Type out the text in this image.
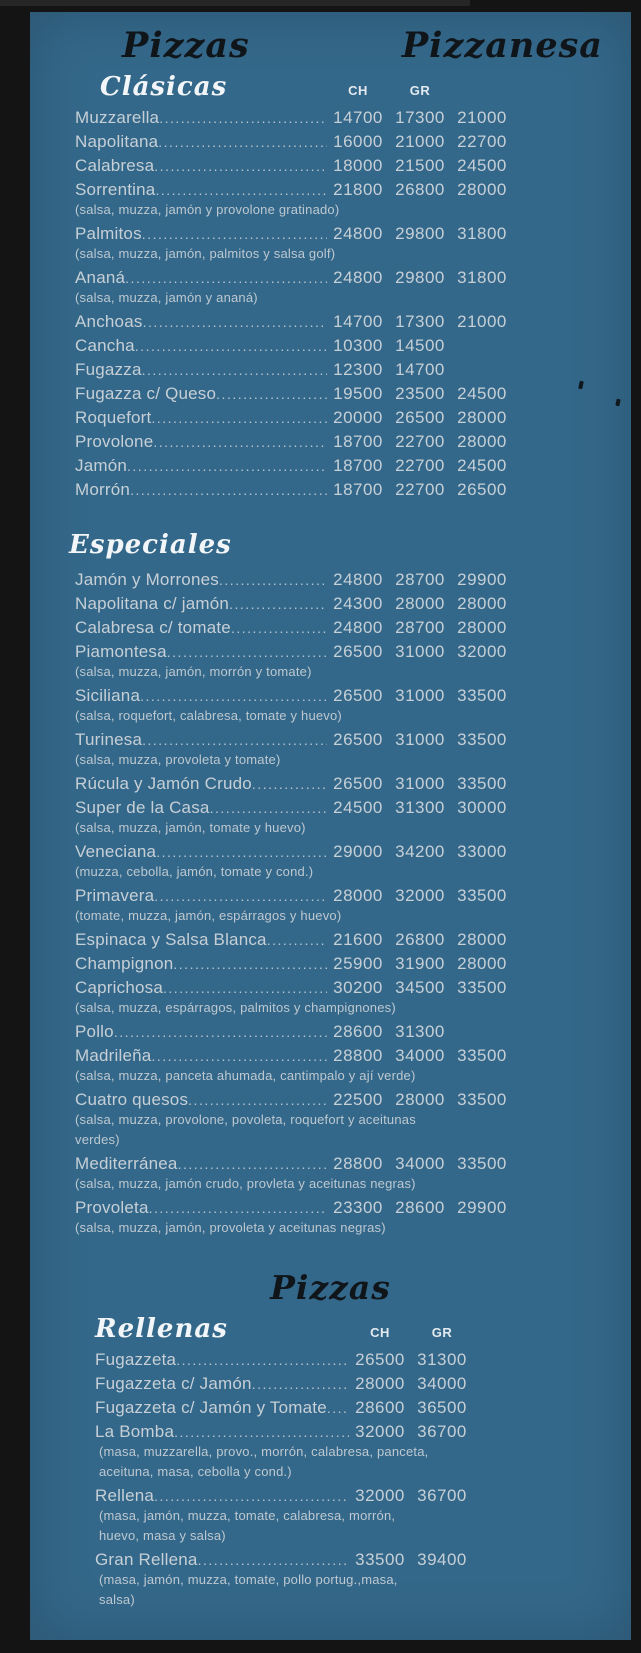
Pizzas	Pizzanesa
Clásicas	CH	GR
Muzzarella .....	14700 17300 21000
Napolitana .....	16000 21000 22700
Calabresa .....	18000 21500 24500
Sorrentina .....	21800 26800 28000
(salsa, muzza, jamón y provolone gratinado)
Palmitos .....	24800 29800 31800
(salsa, muzza, jamón, palmitos y salsa golf)
Ananá .....	24800 29800 31800
(salsa, muzza, jamón y ananá)
Anchoas .....	14700 17300 21000
Cancha .....	10300 14500
Fugazza .....	12300 14700
Fugazza c/ Queso .....	19500 23500 24500
Roquefort .....	20000 26500 28000
Provolone .....	18700 22700 28000
Jamón .....	18700 22700 24500
Morrón .....	18700 22700 26500
Especiales
Jamón y Morrones .....	24800 28700 29900
Napolitana c/ jamón .....	24300 28000 28000
Calabresa c/ tomate .....	24800 28700 28000
Piamontesa .....	26500 31000 32000
(salsa, muzza, jamón, morrón y tomate)
Siciliana .....	26500 31000 33500
(salsa, roquefort, calabresa, tomate y huevo)
Turinesa .....	26500 31000 33500
(salsa, muzza, provoleta y tomate)
Rúcula y Jamón Crudo .....	26500 31000 33500
Super de la Casa .....	24500 31300 30000
(salsa, muzza, jamón, tomate y huevo)
Veneciana .....	29000 34200 33000
(muzza, cebolla, jamón, tomate y cond.)
Primavera .....	28000 32000 33500
(tomate, muzza, jamón, espárragos y huevo)
Espinaca y Salsa Blanca .....	21600 26800 28000
Champignon .....	25900 31900 28000
Caprichosa .....	30200 34500 33500
(salsa, muzza, espárragos, palmitos y champignones)
Pollo .....	28600 31300
Madrileña .....	28800 34000 33500
(salsa, muzza, panceta ahumada, cantimpalo y ají verde)
Cuatro quesos .....	22500 28000 33500
(salsa, muzza, provolone, povoleta, roquefort y aceitunas verdes)
Mediterránea .....	28800 34000 33500
(salsa, muzza, jamón crudo, provleta y aceitunas negras)
Provoleta .....	23300 28600 29900
(salsa, muzza, jamón, provoleta y aceitunas negras)
Pizzas
Rellenas	CH	GR
Fugazzeta .....	26500 31300
Fugazzeta c/ Jamón .....	28000 34000
Fugazzeta c/ Jamón y Tomate .....	28600 36500
La Bomba .....	32000 36700
(masa, muzzarella, provo., morrón, calabresa, panceta, aceituna, masa, cebolla y cond.)
Rellena .....	32000 36700
(masa, jamón, muzza, tomate, calabresa, morrón, huevo, masa y salsa)
Gran Rellena .....	33500 39400
(masa, jamón, muzza, tomate, pollo portug.,masa, salsa)
